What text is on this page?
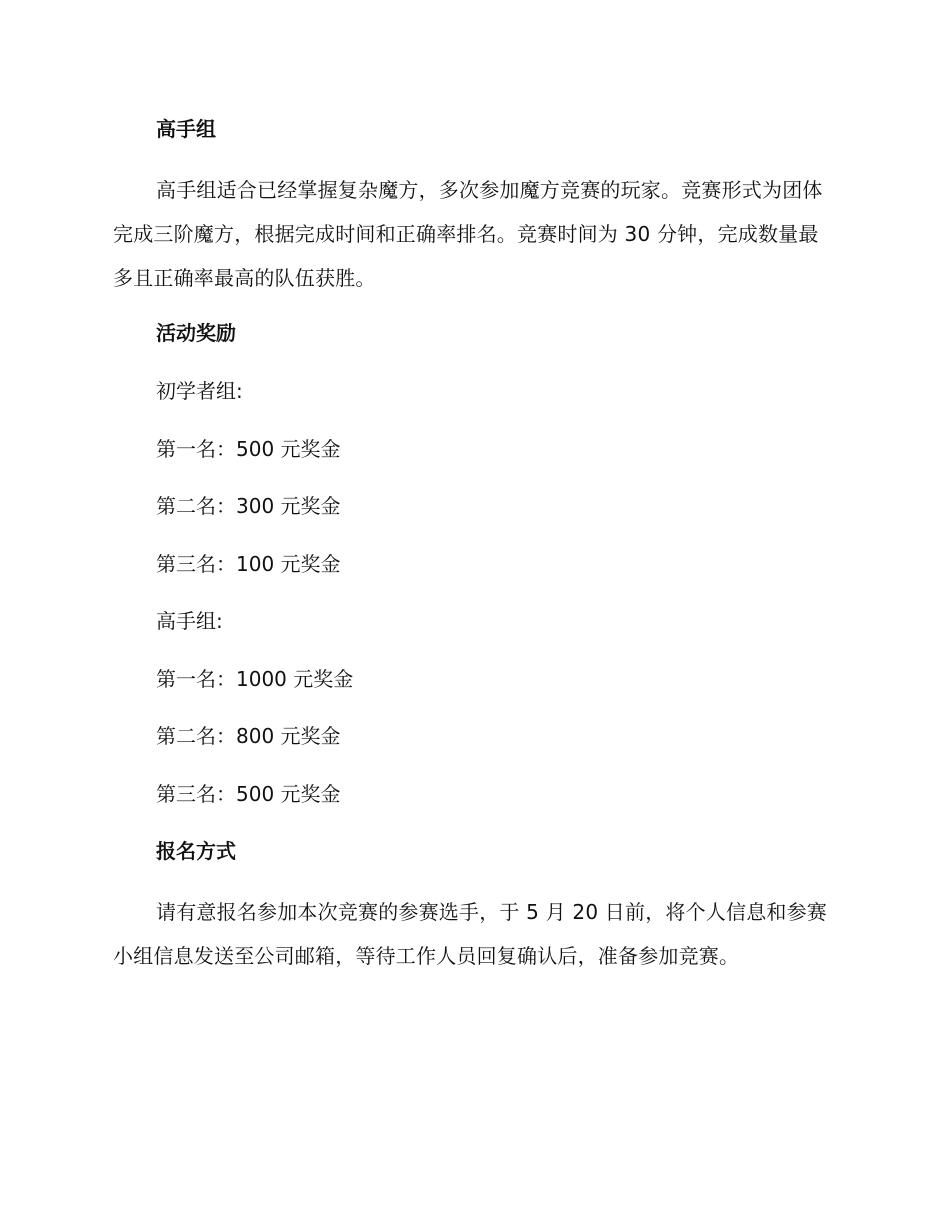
高手组

高手组适合已经掌握复杂魔方，多次参加魔方竞赛的玩家。竞赛形式为团体完成三阶魔方，根据完成时间和正确率排名。竞赛时间为 30 分钟，完成数量最多且正确率最高的队伍获胜。

活动奖励
初学者组:
第一名：500 元奖金
第二名：300 元奖金
第三名：100 元奖金
高手组:
第一名：1000 元奖金
第二名：800 元奖金
第三名：500 元奖金
报名方式

请有意报名参加本次竞赛的参赛选手，于 5 月 20 日前，将个人信息和参赛小组信息发送至公司邮箱，等待工作人员回复确认后，准备参加竞赛。
